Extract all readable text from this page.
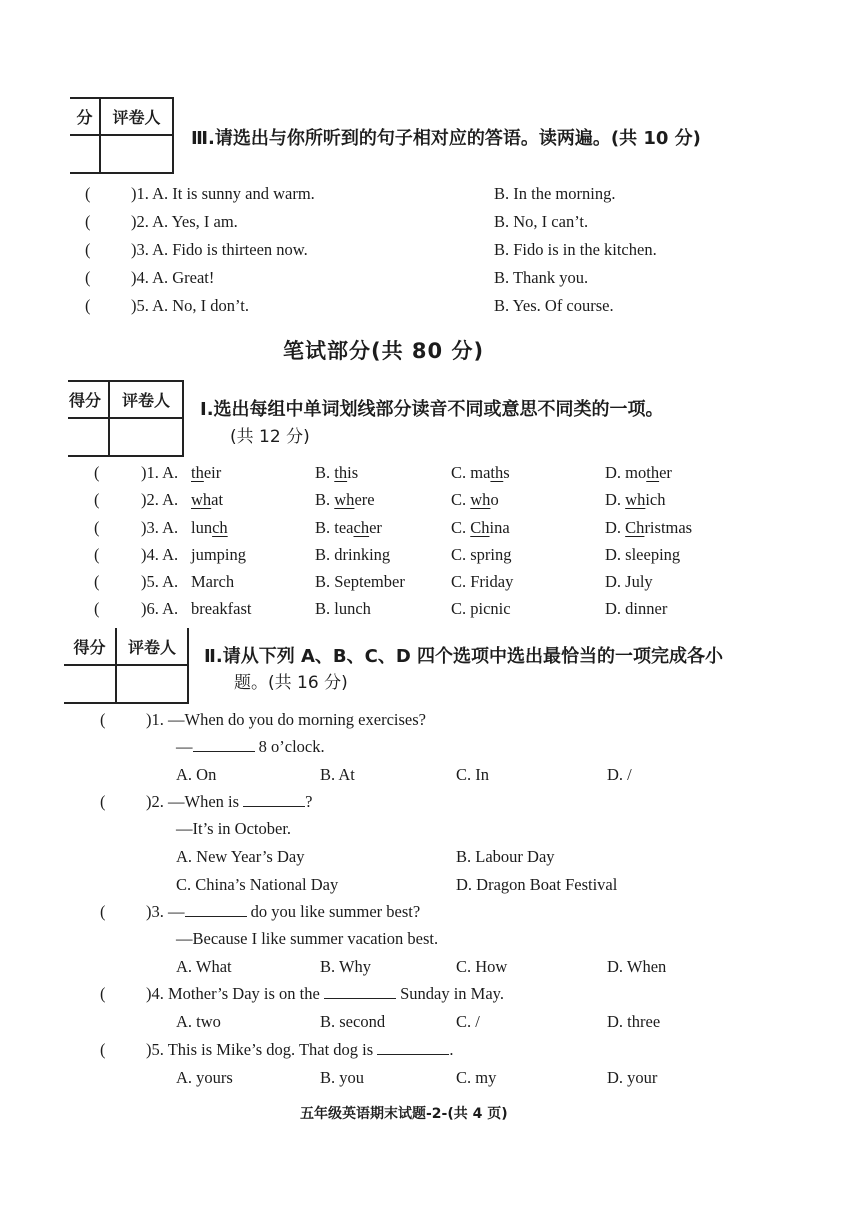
分	评卷人
Ⅲ.请选出与你所听到的句子相对应的答语。读两遍。(共 10 分)
( )1. A. It is sunny and warm.	B. In the morning.
( )2. A. Yes, I am.	B. No, I can’t.
( )3. A. Fido is thirteen now.	B. Fido is in the kitchen.
( )4. A. Great!	B. Thank you.
( )5. A. No, I don’t.	B. Yes. Of course.
笔试部分(共 80 分)
得分	评卷人	Ⅰ.选出每组中单词划线部分读音不同或意思不同类的一项。
(共 12 分)
(	)1. A. their	B. this	C. maths	D. mother
(	)2. A. what	B. where	C. who	D. which
(	)3. A. lunch	B. teacher	C. China	D. Christmas
(	)4. A. jumping	B. drinking	C. spring	D. sleeping
(	)5. A. March	B. September	C. Friday	D. July
(	)6. A. breakfast	B. lunch	C. picnic	D. dinner
得分	评卷人	Ⅱ.请从下列 A、B、C、D 四个选项中选出最恰当的一项完成各小
题。(共 16 分)
( )1. —When do you do morning exercises?
—	8 o’clock.
A. On	B. At	C. In	D. /
( )2. —When is	?
—It’s in October.
A. New Year’s Day	B. Labour Day
C. China’s National Day	D. Dragon Boat Festival
( )3. —	do you like summer best?
—Because I like summer vacation best.
A. What	B. Why	C. How	D. When
( )4. Mother’s Day is on the	Sunday in May.
A. two	B. second	C. /	D. three
( )5. This is Mike’s dog. That dog is	.
A. yours	B. you	C. my	D. your
五年级英语期末试题-2-(共 4 页)
